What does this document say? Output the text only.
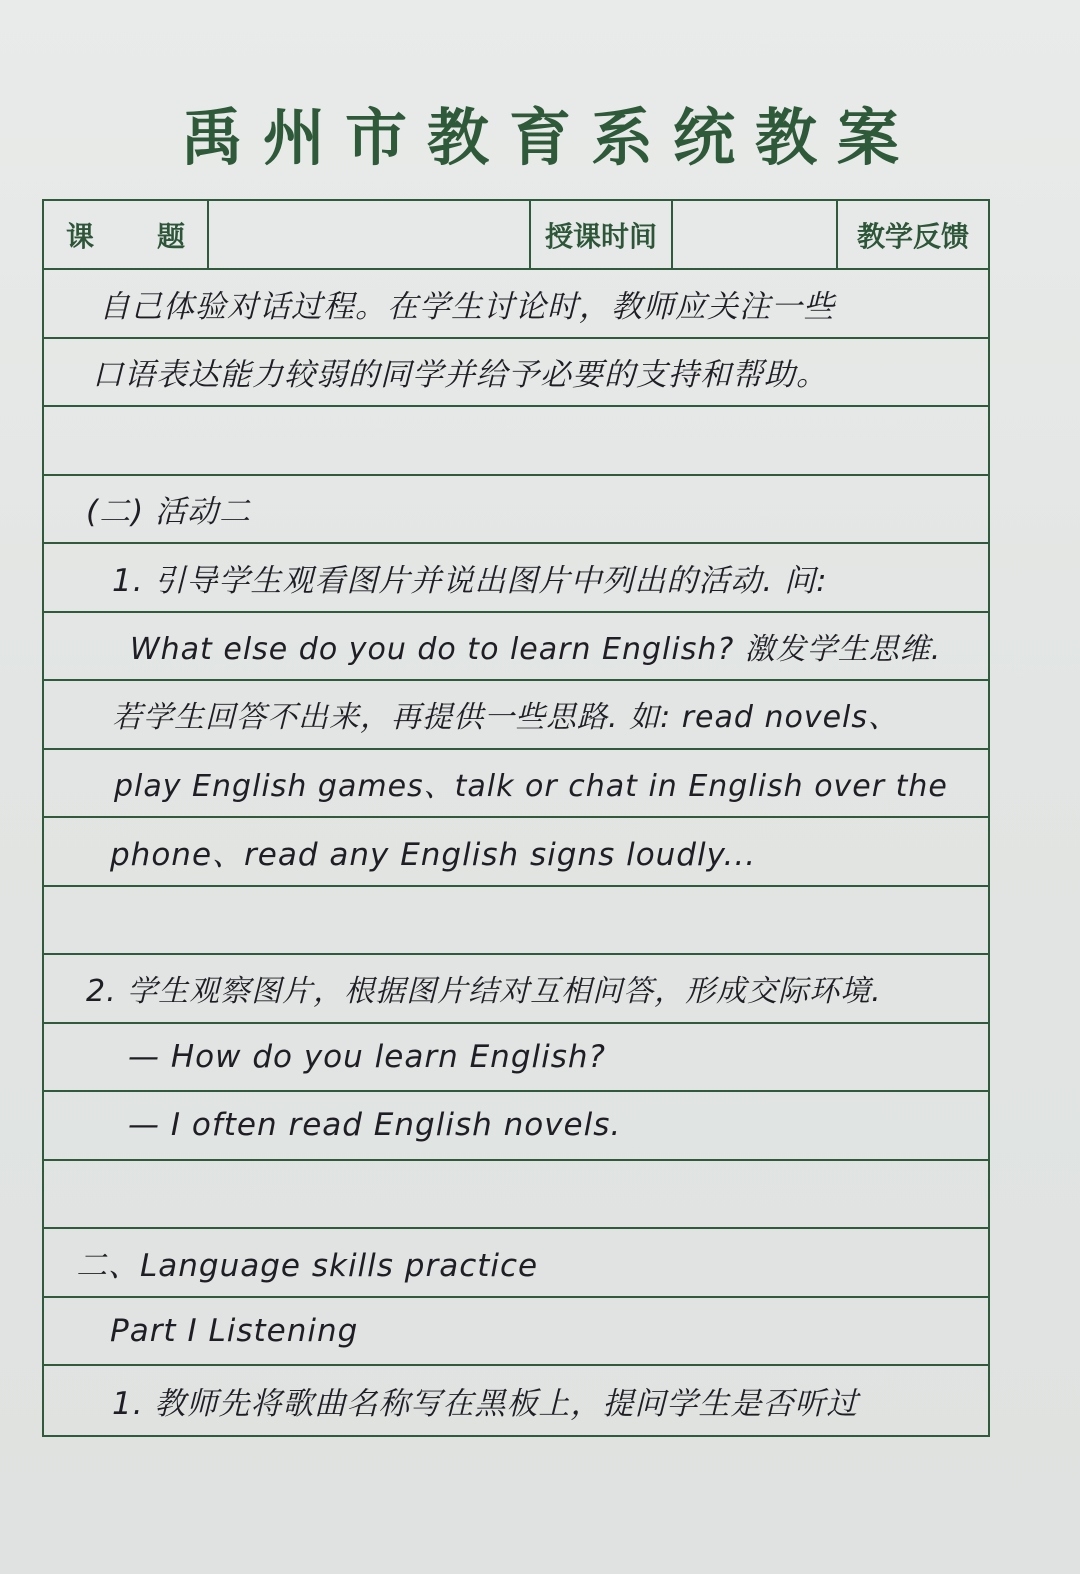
禹州市教育系统教案
课 题	授课时间	教学反馈
自己体验对话过程。在学生讨论时，教师应关注一些
口语表达能力较弱的同学并给予必要的支持和帮助。
(二) 活动二
1. 引导学生观看图片并说出图片中列出的活动. 问:
What else do you do to learn English? 激发学生思维.
若学生回答不出来，再提供一些思路. 如: read novels、
play English games、talk or chat in English over the
phone、read any English signs loudly...
2. 学生观察图片，根据图片结对互相问答，形成交际环境.
— How do you learn English?
— I often read English novels.
二、Language skills practice
Part I Listening
1. 教师先将歌曲名称写在黑板上，提问学生是否听过
